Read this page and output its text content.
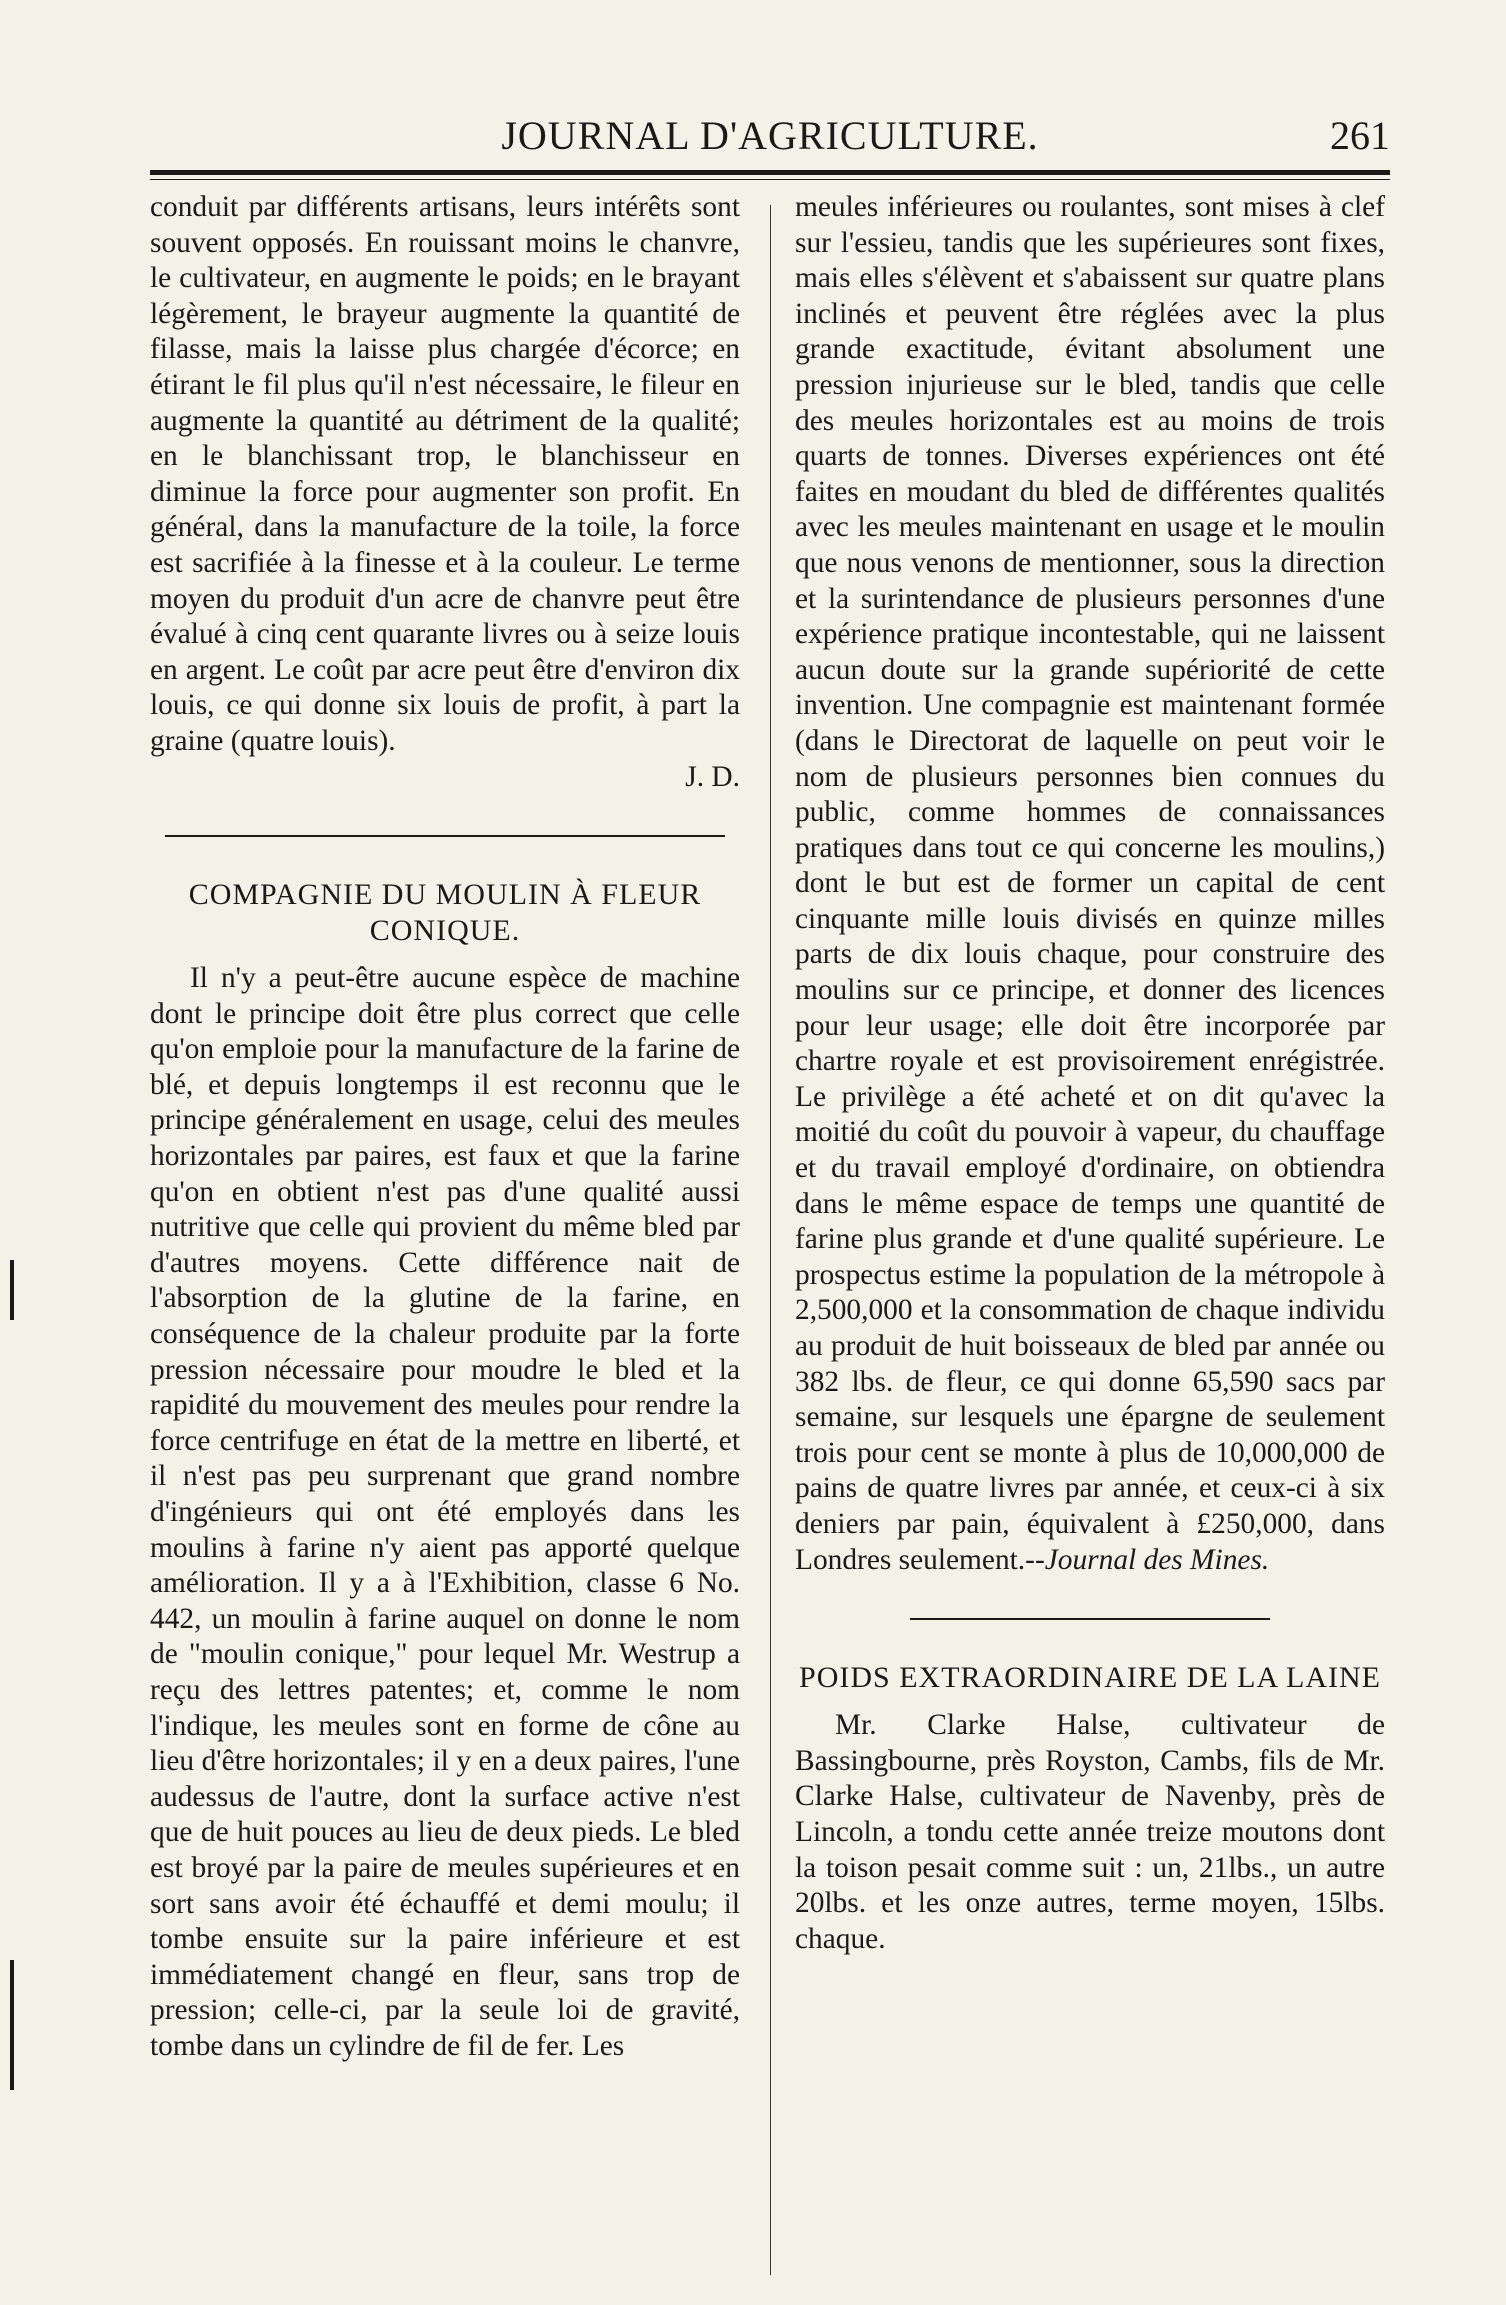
JOURNAL D'AGRICULTURE.	261

conduit par différents artisans, leurs intérêts sont souvent opposés. En rouissant moins le chanvre, le cultivateur, en augmente le poids; en le brayant légèrement, le brayeur augmente la quantité de filasse, mais la laisse plus chargée d'écorce; en étirant le fil plus qu'il n'est nécessaire, le fileur en augmente la quantité au détriment de la qualité; en le blanchissant trop, le blanchisseur en diminue la force pour augmenter son profit. En général, dans la manufacture de la toile, la force est sacrifiée à la finesse et à la couleur. Le terme moyen du produit d'un acre de chanvre peut être évalué à cinq cent quarante livres ou à seize louis en argent. Le coût par acre peut être d'environ dix louis, ce qui donne six louis de profit, à part la graine (quatre louis).

J. D.

COMPAGNIE DU MOULIN À FLEUR CONIQUE.

Il n'y a peut-être aucune espèce de machine dont le principe doit être plus correct que celle qu'on emploie pour la manufacture de la farine de blé, et depuis longtemps il est reconnu que le principe généralement en usage, celui des meules horizontales par paires, est faux et que la farine qu'on en obtient n'est pas d'une qualité aussi nutritive que celle qui provient du même bled par d'autres moyens. Cette différence nait de l'absorption de la glutine de la farine, en conséquence de la chaleur produite par la forte pression nécessaire pour moudre le bled et la rapidité du mouvement des meules pour rendre la force centrifuge en état de la mettre en liberté, et il n'est pas peu surprenant que grand nombre d'ingénieurs qui ont été employés dans les moulins à farine n'y aient pas apporté quelque amélioration. Il y a à l'Exhibition, classe 6 No. 442, un moulin à farine auquel on donne le nom de "moulin conique," pour lequel Mr. Westrup a reçu des lettres patentes; et, comme le nom l'indique, les meules sont en forme de cône au lieu d'être horizontales; il y en a deux paires, l'une audessus de l'autre, dont la surface active n'est que de huit pouces au lieu de deux pieds. Le bled est broyé par la paire de meules supérieures et en sort sans avoir été échauffé et demi moulu; il tombe ensuite sur la paire inférieure et est immédiatement changé en fleur, sans trop de pression; celle-ci, par la seule loi de gravité, tombe dans un cylindre de fil de fer. Les

meules inférieures ou roulantes, sont mises à clef sur l'essieu, tandis que les supérieures sont fixes, mais elles s'élèvent et s'abaissent sur quatre plans inclinés et peuvent être réglées avec la plus grande exactitude, évitant absolument une pression injurieuse sur le bled, tandis que celle des meules horizontales est au moins de trois quarts de tonnes. Diverses expériences ont été faites en moudant du bled de différentes qualités avec les meules maintenant en usage et le moulin que nous venons de mentionner, sous la direction et la surintendance de plusieurs personnes d'une expérience pratique incontestable, qui ne laissent aucun doute sur la grande supériorité de cette invention. Une compagnie est maintenant formée (dans le Directorat de laquelle on peut voir le nom de plusieurs personnes bien connues du public, comme hommes de connaissances pratiques dans tout ce qui concerne les moulins,) dont le but est de former un capital de cent cinquante mille louis divisés en quinze milles parts de dix louis chaque, pour construire des moulins sur ce principe, et donner des licences pour leur usage; elle doit être incorporée par chartre royale et est provisoirement enrégistrée. Le privilège a été acheté et on dit qu'avec la moitié du coût du pouvoir à vapeur, du chauffage et du travail employé d'ordinaire, on obtiendra dans le même espace de temps une quantité de farine plus grande et d'une qualité supérieure. Le prospectus estime la population de la métropole à 2,500,000 et la consommation de chaque individu au produit de huit boisseaux de bled par année ou 382 lbs. de fleur, ce qui donne 65,590 sacs par semaine, sur lesquels une épargne de seulement trois pour cent se monte à plus de 10,000,000 de pains de quatre livres par année, et ceux-ci à six deniers par pain, équivalent à £250,000, dans Londres seulement.--Journal des Mines.

POIDS EXTRAORDINAIRE DE LA LAINE

Mr. Clarke Halse, cultivateur de Bassingbourne, près Royston, Cambs, fils de Mr. Clarke Halse, cultivateur de Navenby, près de Lincoln, a tondu cette année treize moutons dont la toison pesait comme suit : un, 21lbs., un autre 20lbs. et les onze autres, terme moyen, 15lbs. chaque.
